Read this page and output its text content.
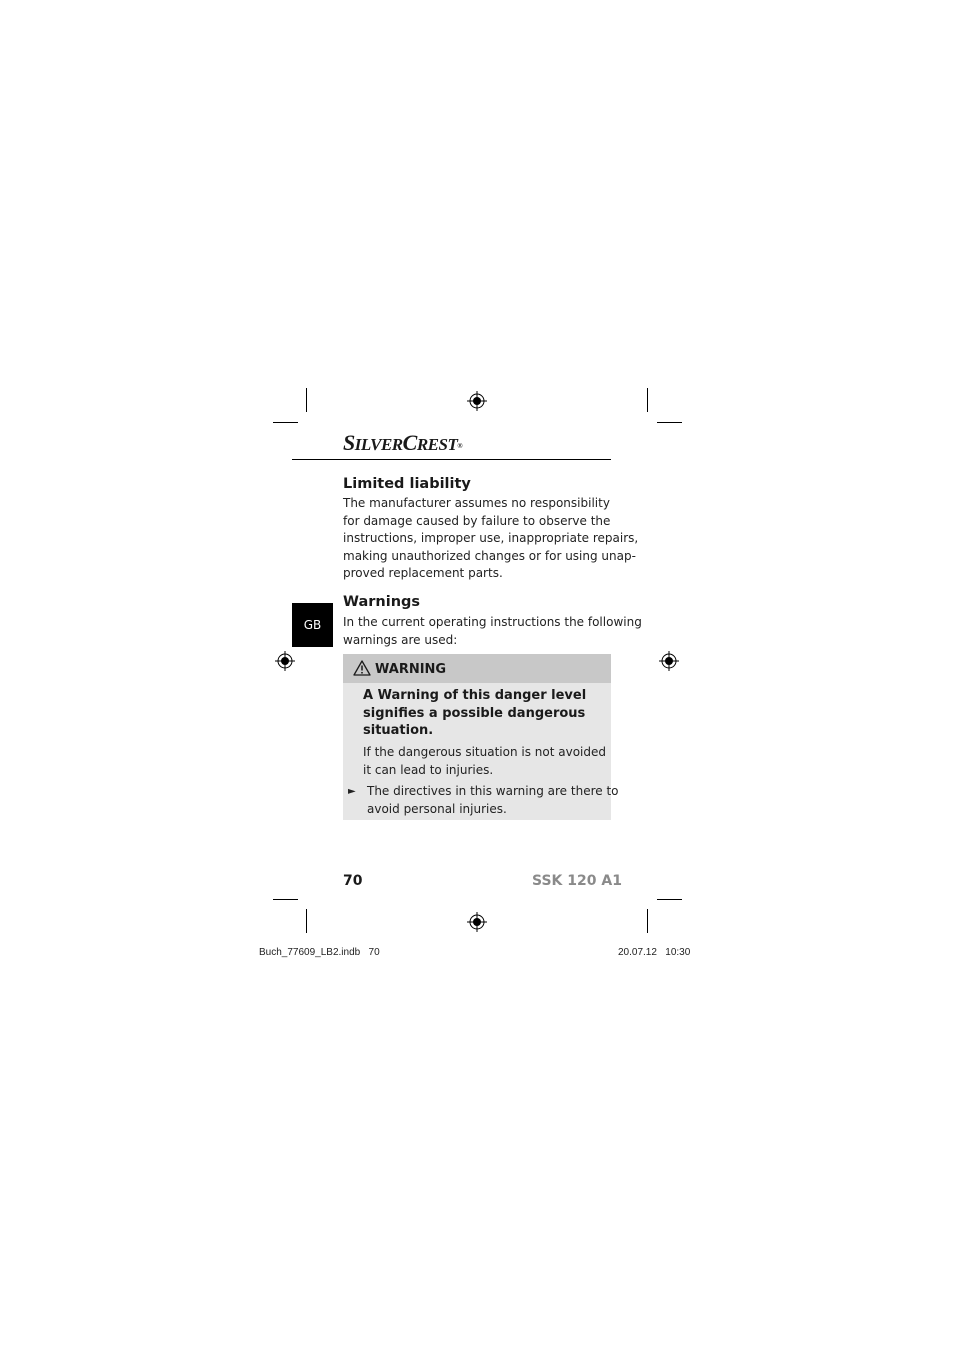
SILVERCREST®
Limited liability
The manufacturer assumes no responsibility
for damage caused by failure to observe the
instructions, improper use, inappropriate repairs,
making unauthorized changes or for using unap-
proved replacement parts.
Warnings
In the current operating instructions the following
warnings are used:
GB
WARNING
A Warning of this danger level
signifies a possible dangerous
situation.
If the dangerous situation is not avoided
it can lead to injuries.
► The directives in this warning are there to
avoid personal injuries.
70	SSK 120 A1
Buch_77609_LB2.indb   70	20.07.12   10:30
